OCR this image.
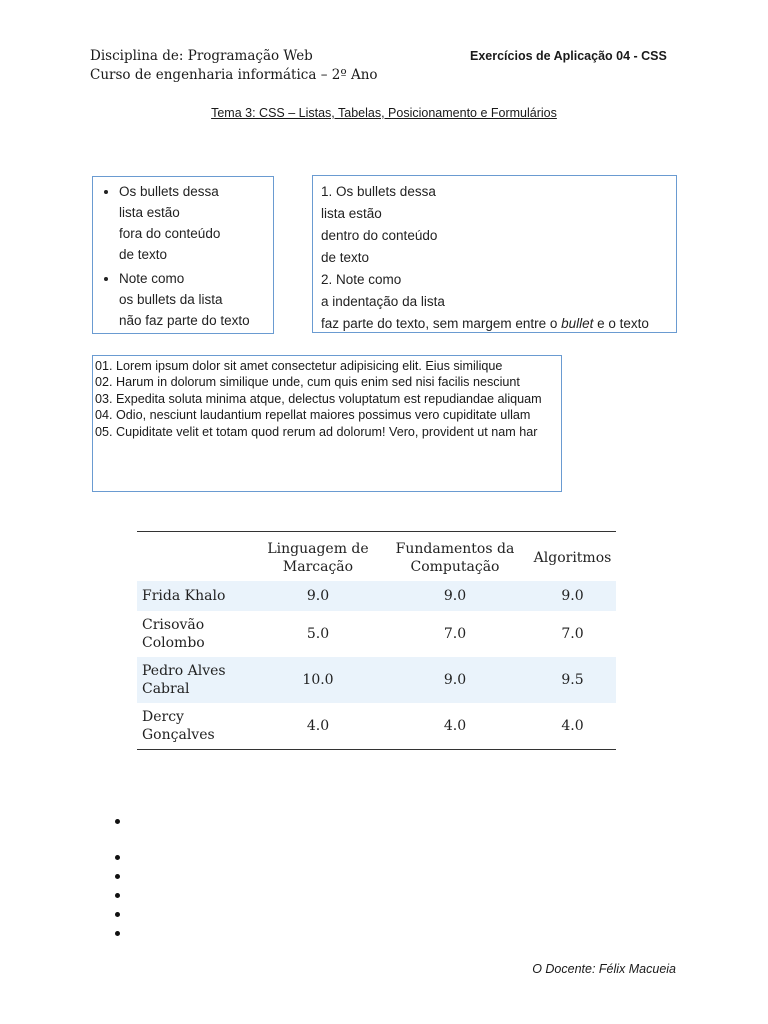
Disciplina de: Programação Web
Curso de engenharia informática – 2º Ano
Exercícios de Aplicação 04 - CSS
Tema 3: CSS – Listas, Tabelas, Posicionamento e Formulários
• Os bullets dessa
lista estão
fora do conteúdo
de texto
• Note como
os bullets da lista
não faz parte do texto
1. Os bullets dessa
lista estão
dentro do conteúdo
de texto
2. Note como
a indentação da lista
faz parte do texto, sem margem entre o bullet e o texto
01. Lorem ipsum dolor sit amet consectetur adipisicing elit. Eius similique
02. Harum in dolorum similique unde, cum quis enim sed nisi facilis nesciunt
03. Expedita soluta minima atque, delectus voluptatum est repudiandae aliquam
04. Odio, nesciunt laudantium repellat maiores possimus vero cupiditate ullam
05. Cupiditate velit et totam quod rerum ad dolorum! Vero, provident ut nam har
	Linguagem de Marcação	Fundamentos da Computação	Algoritmos
Frida Khalo	9.0	9.0	9.0
Crisovão Colombo	5.0	7.0	7.0
Pedro Alves Cabral	10.0	9.0	9.5
Dercy Gonçalves	4.0	4.0	4.0
O Docente: Félix Macueia
